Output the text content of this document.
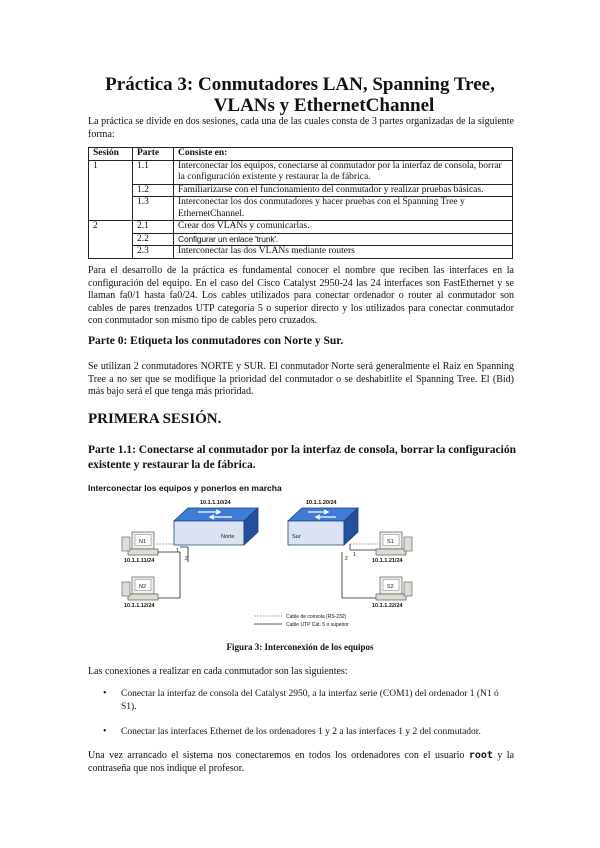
Práctica 3: Conmutadores LAN, Spanning Tree,
VLANs y EthernetChannel
La práctica se divide en dos sesiones, cada una de las cuales consta de 3 partes organizadas de la siguiente forma:
Sesión	Parte	Consiste en:
1	1.1	Interconectar los equipos, conectarse al conmutador por la interfaz de consola, borrar la configuración existente y restaurar la de fábrica.
	1.2	Familiarizarse con el funcionamiento del conmutador y realizar pruebas básicas.
	1.3	Interconectar los dos conmutadores y hacer pruebas con el Spanning Tree y EthernetChannel.
2	2.1	Crear dos VLANs y comunicarlas.
	2.2	Configurar un enlace 'trunk'.
	2.3	Interconectar las dos VLANs mediante routers
Para el desarrollo de la práctica es fundamental conocer el nombre que reciben las interfaces en la configuración del equipo. En el caso del Cisco Catalyst 2950-24 las 24 interfaces son FastEthernet y se llaman fa0/1 hasta fa0/24. Los cables utilizados para conectar ordenador o router al conmutador son cables de pares trenzados UTP categoría 5 o superior directo y los utilizados para conectar conmutador con conmutador son mismo tipo de cables pero cruzados.
Parte 0: Etiqueta los conmutadores con Norte y Sur.
Se utilizan 2 conmutadores NORTE y SUR. El conmutador Norte será generalmente el Raíz en Spanning Tree a no ser que se modifique la prioridad del conmutador o se deshabitlite el Spanning Tree. El (Bid) más bajo será el que tenga más prioridad.
PRIMERA SESIÓN.
Parte 1.1: Conectarse al conmutador por la interfaz de consola, borrar la configuración existente y restaurar la de fábrica.
Interconectar los equipos y ponerlos en marcha
Norte
10.1.1.10/24
N1
10.1.1.11/24
N2
10.1.1.12/24
1
2
Sur
10.1.1.20/24
1
2
S1
10.1.1.21/24
S2
10.1.1.22/24
Cable de consola (RS-232)
Cable UTP Cat. 5 o superior
Figura 3: Interconexión de los equipos
Las conexiones a realizar en cada conmutador son las siguientes:
•	Conectar la interfaz de consola del Catalyst 2950, a la interfaz serie (COM1) del ordenador 1 (N1 ó S1).
•	Conectar las interfaces Ethernet de los ordenadores 1 y 2 a las interfaces 1 y 2 del conmutador.
Una vez arrancado el sistema nos conectaremos en todos los ordenadores con el usuario root y la contraseña que nos indique el profesor.
